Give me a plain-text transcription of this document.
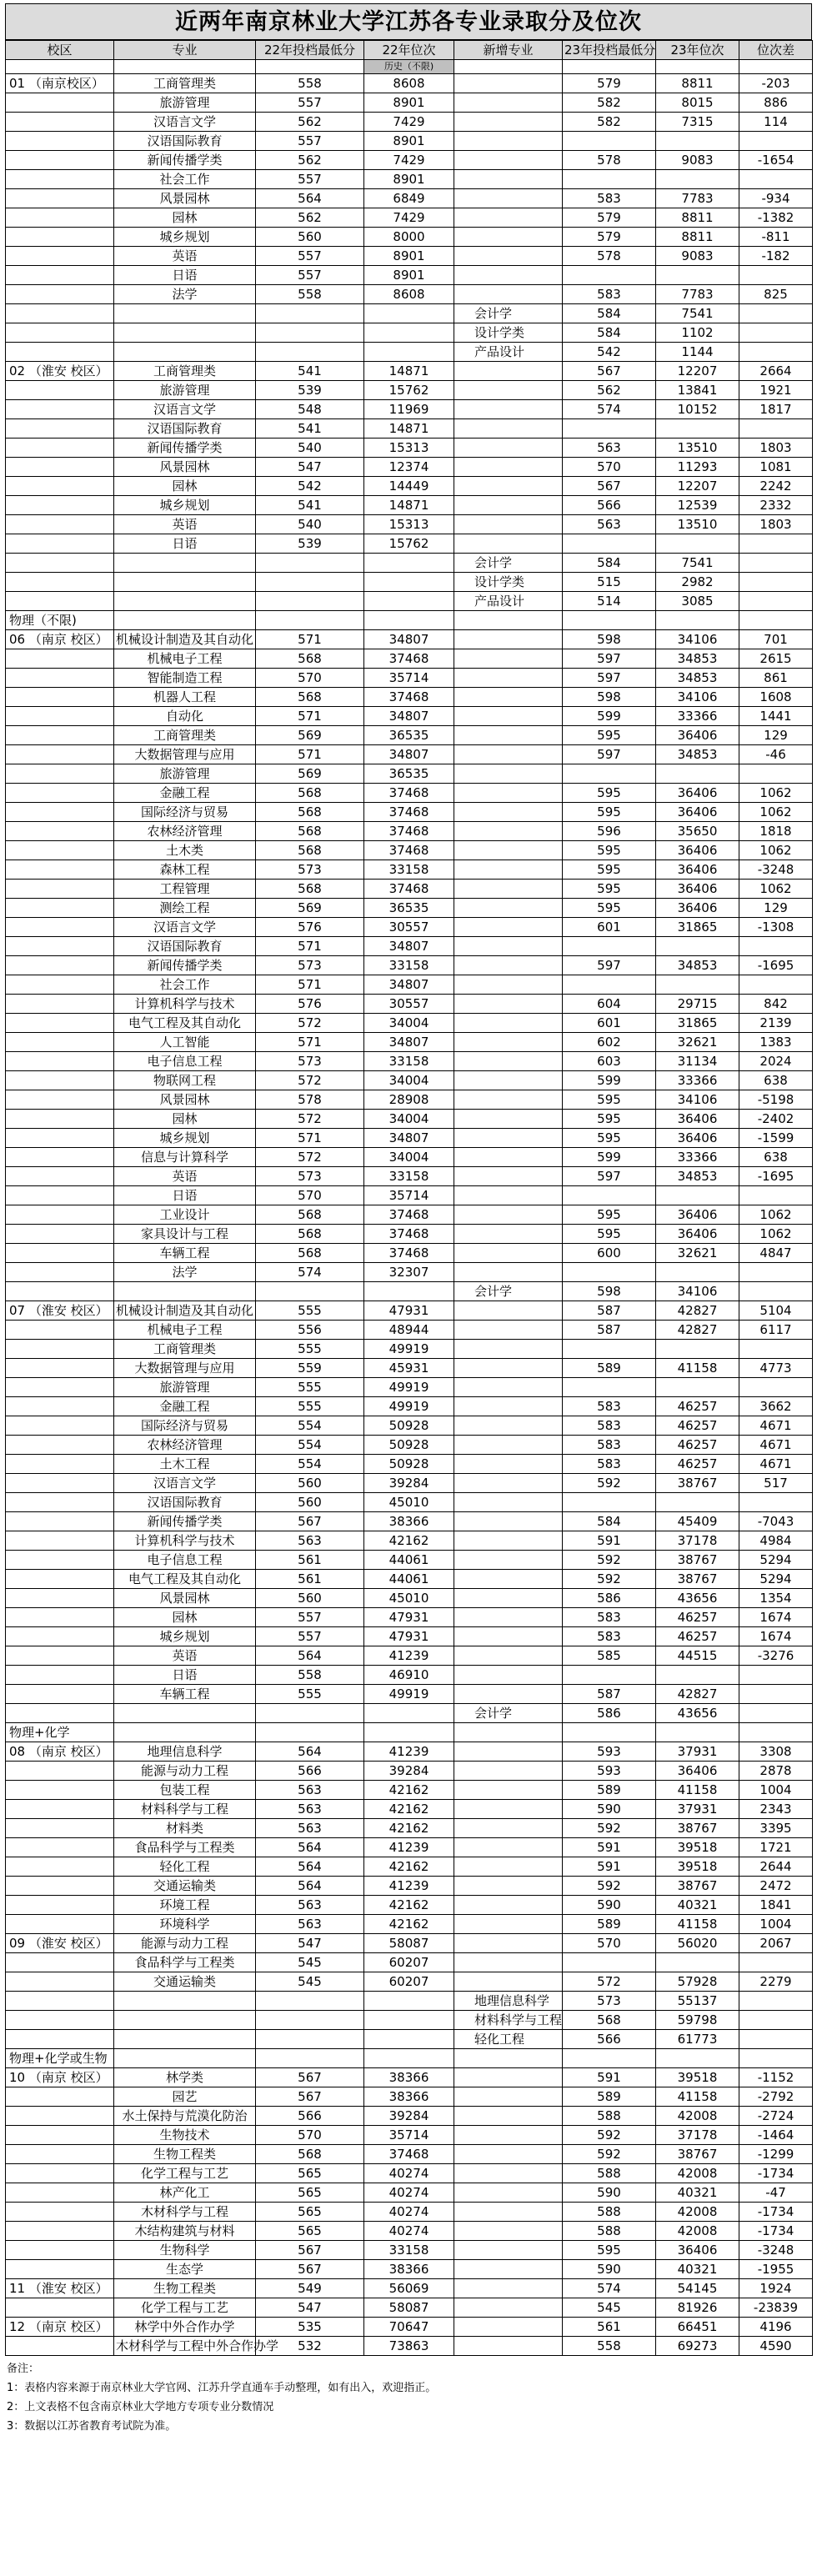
近两年南京林业大学江苏各专业录取分及位次
校区	专业	22年投档最低分	22年位次	新增专业	23年投档最低分	23年位次	位次差
			历史（不限)				
01 （南京校区）	工商管理类	558	8608		579	8811	-203
	旅游管理	557	8901		582	8015	886
	汉语言文学	562	7429		582	7315	114
	汉语国际教育	557	8901				
	新闻传播学类	562	7429		578	9083	-1654
	社会工作	557	8901				
	风景园林	564	6849		583	7783	-934
	园林	562	7429		579	8811	-1382
	城乡规划	560	8000		579	8811	-811
	英语	557	8901		578	9083	-182
	日语	557	8901				
	法学	558	8608		583	7783	825
				会计学	584	7541	
				设计学类	584	1102	
				产品设计	542	1144	
02 （淮安 校区）	工商管理类	541	14871		567	12207	2664
	旅游管理	539	15762		562	13841	1921
	汉语言文学	548	11969		574	10152	1817
	汉语国际教育	541	14871				
	新闻传播学类	540	15313		563	13510	1803
	风景园林	547	12374		570	11293	1081
	园林	542	14449		567	12207	2242
	城乡规划	541	14871		566	12539	2332
	英语	540	15313		563	13510	1803
	日语	539	15762				
				会计学	584	7541	
				设计学类	515	2982	
				产品设计	514	3085	
物理（不限)							
06 （南京 校区）	机械设计制造及其自动化	571	34807		598	34106	701
	机械电子工程	568	37468		597	34853	2615
	智能制造工程	570	35714		597	34853	861
	机器人工程	568	37468		598	34106	1608
	自动化	571	34807		599	33366	1441
	工商管理类	569	36535		595	36406	129
	大数据管理与应用	571	34807		597	34853	-46
	旅游管理	569	36535				
	金融工程	568	37468		595	36406	1062
	国际经济与贸易	568	37468		595	36406	1062
	农林经济管理	568	37468		596	35650	1818
	土木类	568	37468		595	36406	1062
	森林工程	573	33158		595	36406	-3248
	工程管理	568	37468		595	36406	1062
	测绘工程	569	36535		595	36406	129
	汉语言文学	576	30557		601	31865	-1308
	汉语国际教育	571	34807				
	新闻传播学类	573	33158		597	34853	-1695
	社会工作	571	34807				
	计算机科学与技术	576	30557		604	29715	842
	电气工程及其自动化	572	34004		601	31865	2139
	人工智能	571	34807		602	32621	1383
	电子信息工程	573	33158		603	31134	2024
	物联网工程	572	34004		599	33366	638
	风景园林	578	28908		595	34106	-5198
	园林	572	34004		595	36406	-2402
	城乡规划	571	34807		595	36406	-1599
	信息与计算科学	572	34004		599	33366	638
	英语	573	33158		597	34853	-1695
	日语	570	35714				
	工业设计	568	37468		595	36406	1062
	家具设计与工程	568	37468		595	36406	1062
	车辆工程	568	37468		600	32621	4847
	法学	574	32307				
				会计学	598	34106	
07 （淮安 校区）	机械设计制造及其自动化	555	47931		587	42827	5104
	机械电子工程	556	48944		587	42827	6117
	工商管理类	555	49919				
	大数据管理与应用	559	45931		589	41158	4773
	旅游管理	555	49919				
	金融工程	555	49919		583	46257	3662
	国际经济与贸易	554	50928		583	46257	4671
	农林经济管理	554	50928		583	46257	4671
	土木工程	554	50928		583	46257	4671
	汉语言文学	560	39284		592	38767	517
	汉语国际教育	560	45010				
	新闻传播学类	567	38366		584	45409	-7043
	计算机科学与技术	563	42162		591	37178	4984
	电子信息工程	561	44061		592	38767	5294
	电气工程及其自动化	561	44061		592	38767	5294
	风景园林	560	45010		586	43656	1354
	园林	557	47931		583	46257	1674
	城乡规划	557	47931		583	46257	1674
	英语	564	41239		585	44515	-3276
	日语	558	46910				
	车辆工程	555	49919		587	42827	
				会计学	586	43656	
物理+化学							
08 （南京 校区）	地理信息科学	564	41239		593	37931	3308
	能源与动力工程	566	39284		593	36406	2878
	包装工程	563	42162		589	41158	1004
	材料科学与工程	563	42162		590	37931	2343
	材料类	563	42162		592	38767	3395
	食品科学与工程类	564	41239		591	39518	1721
	轻化工程	564	42162		591	39518	2644
	交通运输类	564	41239		592	38767	2472
	环境工程	563	42162		590	40321	1841
	环境科学	563	42162		589	41158	1004
09 （淮安 校区）	能源与动力工程	547	58087		570	56020	2067
	食品科学与工程类	545	60207				
	交通运输类	545	60207		572	57928	2279
				地理信息科学	573	55137	
				材料科学与工程	568	59798	
				轻化工程	566	61773	
物理+化学或生物							
10 （南京 校区）	林学类	567	38366		591	39518	-1152
	园艺	567	38366		589	41158	-2792
	水土保持与荒漠化防治	566	39284		588	42008	-2724
	生物技术	570	35714		592	37178	-1464
	生物工程类	568	37468		592	38767	-1299
	化学工程与工艺	565	40274		588	42008	-1734
	林产化工	565	40274		590	40321	-47
	木材科学与工程	565	40274		588	42008	-1734
	木结构建筑与材料	565	40274		588	42008	-1734
	生物科学	567	33158		595	36406	-3248
	生态学	567	38366		590	40321	-1955
11 （淮安 校区）	生物工程类	549	56069		574	54145	1924
	化学工程与工艺	547	58087		545	81926	-23839
12 （南京 校区）	林学中外合作办学	535	70647		561	66451	4196
	木材科学与工程中外合作办学	532	73863		558	69273	4590
备注：
1：表格内容来源于南京林业大学官网、江苏升学直通车手动整理，如有出入，欢迎指正。
2：上文表格不包含南京林业大学地方专项专业分数情况
3：数据以江苏省教育考试院为准。
